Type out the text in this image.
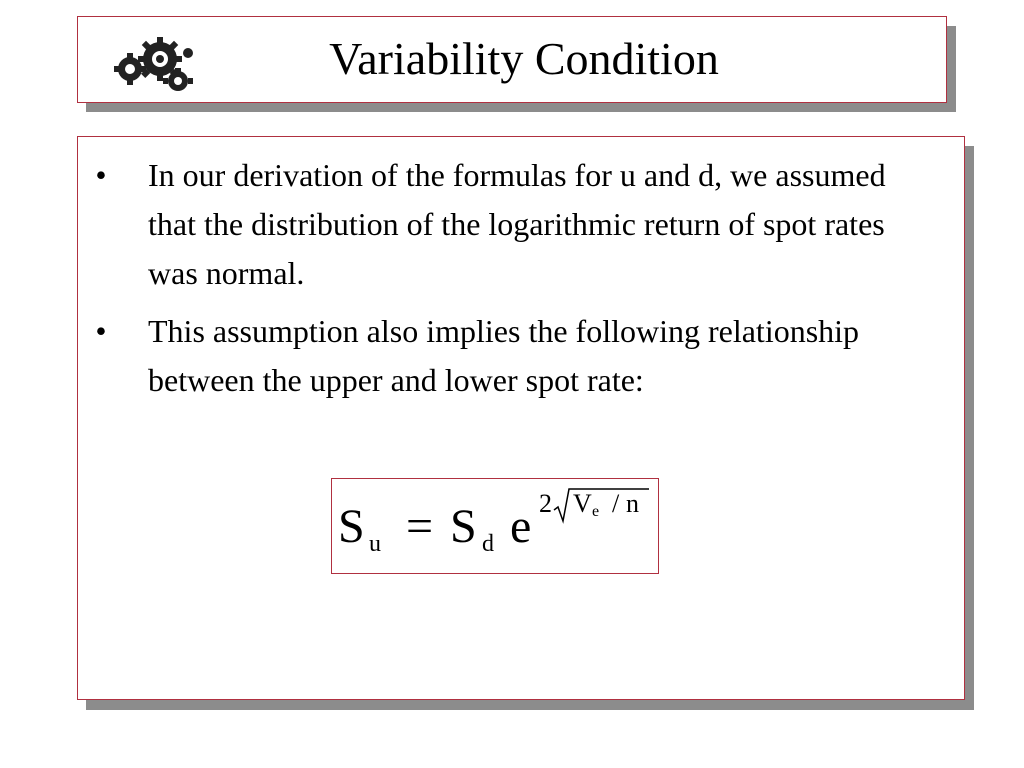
Variability Condition
• In our derivation of the formulas for u and d, we assumed that the distribution of the logarithmic return of spot rates was normal.
• This assumption also implies the following relationship between the upper and lower spot rate:
S u = S d e 2 V e / n
